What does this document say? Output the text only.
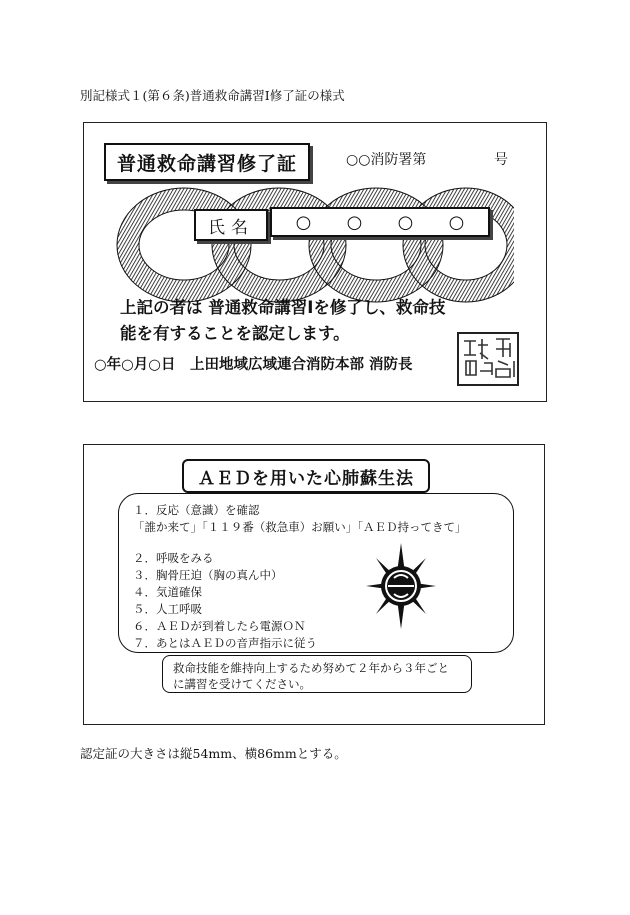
別記様式１(第６条)普通救命講習Ⅰ修了証の様式
普通救命講習修了証	○○消防署第	号
氏名	○ ○ ○ ○
上記の者は 普通救命講習Ⅰを修了し、救命技
能を有することを認定します。
○年○月○日　上田地域広域連合消防本部 消防長
ＡＥＤを用いた心肺蘇生法
１．反応（意識）を確認
「誰か来て」「１１９番（救急車）お願い」「ＡＥＤ持ってきて」
２．呼吸をみる
３．胸骨圧迫（胸の真ん中）
４．気道確保
５．人工呼吸
６．ＡＥＤが到着したら電源ＯＮ
７．あとはＡＥＤの音声指示に従う
救命技能を維持向上するため努めて２年から３年ごと
に講習を受けてください。
認定証の大きさは縦54mm、横86mmとする。
